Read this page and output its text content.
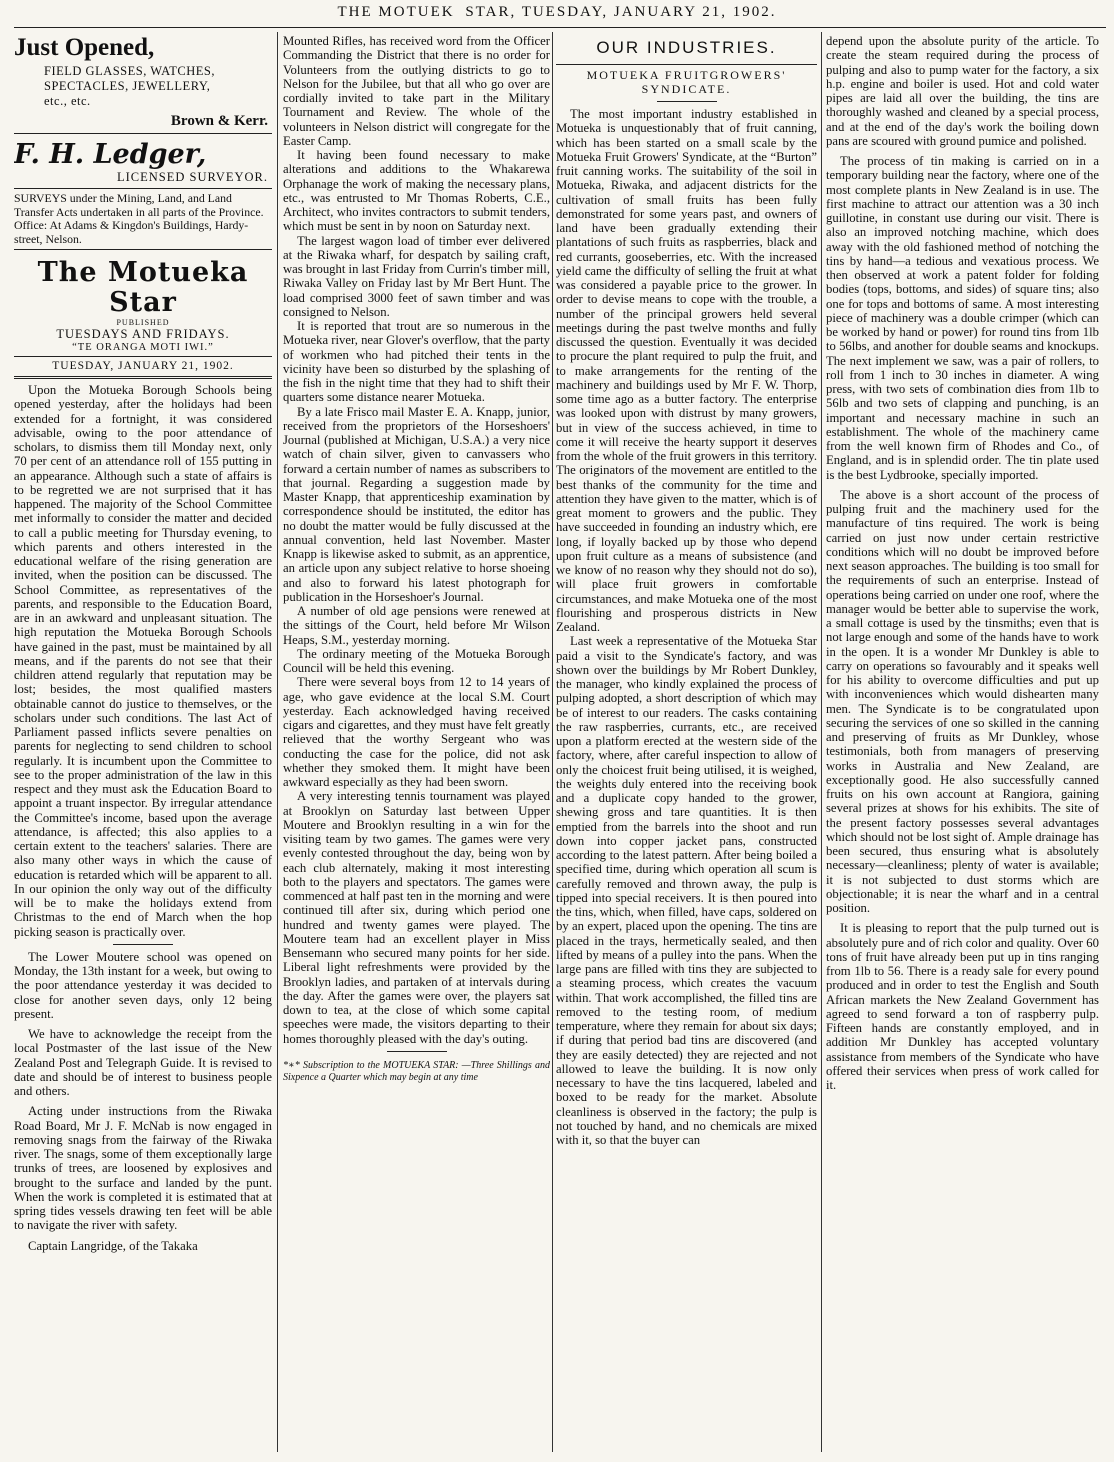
THE MOTUEK  STAR, TUESDAY, JANUARY 21, 1902.
Just Opened,
FIELD GLASSES, WATCHES,
SPECTACLES, JEWELLERY,
etc., etc.
Brown & Kerr.
F. H. Ledger,
LICENSED SURVEYOR.

SURVEYS under the Mining, Land, and Land Transfer Acts undertaken in all parts of the Province.

Office: At Adams & Kingdon's Buildings, Hardy-street, Nelson.

The Motueka Star
PUBLISHED
TUESDAYS AND FRIDAYS.
“TE ORANGA MOTI IWI.”
TUESDAY, JANUARY 21, 1902.

Upon the Motueka Borough Schools being opened yesterday, after the holidays had been extended for a fortnight, it was considered advisable, owing to the poor attendance of scholars, to dismiss them till Monday next, only 70 per cent of an attendance roll of 155 putting in an appearance. Although such a state of affairs is to be regretted we are not surprised that it has happened. The majority of the School Committee met informally to consider the matter and decided to call a public meeting for Thursday evening, to which parents and others interested in the educational welfare of the rising generation are invited, when the position can be discussed. The School Committee, as representatives of the parents, and responsible to the Education Board, are in an awkward and unpleasant situation. The high reputation the Motueka Borough Schools have gained in the past, must be maintained by all means, and if the parents do not see that their children attend regularly that reputation may be lost; besides, the most qualified masters obtainable cannot do justice to themselves, or the scholars under such conditions. The last Act of Parliament passed inflicts severe penalties on parents for neglecting to send children to school regularly. It is incumbent upon the Committee to see to the proper administration of the law in this respect and they must ask the Education Board to appoint a truant inspector. By irregular attendance the Committee's income, based upon the average attendance, is affected; this also applies to a certain extent to the teachers' salaries. There are also many other ways in which the cause of education is retarded which will be apparent to all. In our opinion the only way out of the difficulty will be to make the holidays extend from Christmas to the end of March when the hop picking season is practically over.

The Lower Moutere school was opened on Monday, the 13th instant for a week, but owing to the poor attendance yesterday it was decided to close for another seven days, only 12 being present.

We have to acknowledge the receipt from the local Postmaster of the last issue of the New Zealand Post and Telegraph Guide. It is revised to date and should be of interest to business people and others.

Acting under instructions from the Riwaka Road Board, Mr J. F. McNab is now engaged in removing snags from the fairway of the Riwaka river. The snags, some of them exceptionally large trunks of trees, are loosened by explosives and brought to the surface and landed by the punt. When the work is completed it is estimated that at spring tides vessels drawing ten feet will be able to navigate the river with safety.

Captain Langridge, of the Takaka

Mounted Rifles, has received word from the Officer Commanding the District that there is no order for Volunteers from the outlying districts to go to Nelson for the Jubilee, but that all who go over are cordially invited to take part in the Military Tournament and Review. The whole of the volunteers in Nelson district will congregate for the Easter Camp.

It having been found necessary to make alterations and additions to the Whakarewa Orphanage the work of making the necessary plans, etc., was entrusted to Mr Thomas Roberts, C.E., Architect, who invites contractors to submit tenders, which must be sent in by noon on Saturday next.

The largest wagon load of timber ever delivered at the Riwaka wharf, for despatch by sailing craft, was brought in last Friday from Currin's timber mill, Riwaka Valley on Friday last by Mr Bert Hunt. The load comprised 3000 feet of sawn timber and was consigned to Nelson.

It is reported that trout are so numerous in the Motueka river, near Glover's overflow, that the party of workmen who had pitched their tents in the vicinity have been so disturbed by the splashing of the fish in the night time that they had to shift their quarters some distance nearer Motueka.

By a late Frisco mail Master E. A. Knapp, junior, received from the proprietors of the Horseshoers' Journal (published at Michigan, U.S.A.) a very nice watch of chain silver, given to canvassers who forward a certain number of names as subscribers to that journal. Regarding a suggestion made by Master Knapp, that apprenticeship examination by correspondence should be instituted, the editor has no doubt the matter would be fully discussed at the annual convention, held last November. Master Knapp is likewise asked to submit, as an apprentice, an article upon any subject relative to horse shoeing and also to forward his latest photograph for publication in the Horseshoer's Journal.

A number of old age pensions were renewed at the sittings of the Court, held before Mr Wilson Heaps, S.M., yesterday morning.

The ordinary meeting of the Motueka Borough Council will be held this evening.

There were several boys from 12 to 14 years of age, who gave evidence at the local S.M. Court yesterday. Each acknowledged having received cigars and cigarettes, and they must have felt greatly relieved that the worthy Sergeant who was conducting the case for the police, did not ask whether they smoked them. It might have been awkward especially as they had been sworn.

A very interesting tennis tournament was played at Brooklyn on Saturday last between Upper Moutere and Brooklyn resulting in a win for the visiting team by two games. The games were very evenly contested throughout the day, being won by each club alternately, making it most interesting both to the players and spectators. The games were commenced at half past ten in the morning and were continued till after six, during which period one hundred and twenty games were played. The Moutere team had an excellent player in Miss Bensemann who secured many points for her side. Liberal light refreshments were provided by the Brooklyn ladies, and partaken of at intervals during the day. After the games were over, the players sat down to tea, at the close of which some capital speeches were made, the visitors departing to their homes thoroughly pleased with the day's outing.

*∗* Subscription to the MOTUEKA STAR: —Three Shillings and Sixpence a Quarter which may begin at any time

OUR INDUSTRIES.
MOTUEKA FRUITGROWERS' SYNDICATE.

The most important industry established in Motueka is unquestionably that of fruit canning, which has been started on a small scale by the Motueka Fruit Growers' Syndicate, at the “Burton” fruit canning works. The suitability of the soil in Motueka, Riwaka, and adjacent districts for the cultivation of small fruits has been fully demonstrated for some years past, and owners of land have been gradually extending their plantations of such fruits as raspberries, black and red currants, gooseberries, etc. With the increased yield came the difficulty of selling the fruit at what was considered a payable price to the grower. In order to devise means to cope with the trouble, a number of the principal growers held several meetings during the past twelve months and fully discussed the question. Eventually it was decided to procure the plant required to pulp the fruit, and to make arrangements for the renting of the machinery and buildings used by Mr F. W. Thorp, some time ago as a butter factory. The enterprise was looked upon with distrust by many growers, but in view of the success achieved, in time to come it will receive the hearty support it deserves from the whole of the fruit growers in this territory. The originators of the movement are entitled to the best thanks of the community for the time and attention they have given to the matter, which is of great moment to growers and the public. They have succeeded in founding an industry which, ere long, if loyally backed up by those who depend upon fruit culture as a means of subsistence (and we know of no reason why they should not do so), will place fruit growers in comfortable circumstances, and make Motueka one of the most flourishing and prosperous districts in New Zealand.

Last week a representative of the Motueka Star paid a visit to the Syndicate's factory, and was shown over the buildings by Mr Robert Dunkley, the manager, who kindly explained the process of pulping adopted, a short description of which may be of interest to our readers. The casks containing the raw raspberries, currants, etc., are received upon a platform erected at the western side of the factory, where, after careful inspection to allow of only the choicest fruit being utilised, it is weighed, the weights duly entered into the receiving book and a duplicate copy handed to the grower, shewing gross and tare quantities. It is then emptied from the barrels into the shoot and run down into copper jacket pans, constructed according to the latest pattern. After being boiled a specified time, during which operation all scum is carefully removed and thrown away, the pulp is tipped into special receivers. It is then poured into the tins, which, when filled, have caps, soldered on by an expert, placed upon the opening. The tins are placed in the trays, hermetically sealed, and then lifted by means of a pulley into the pans. When the large pans are filled with tins they are subjected to a steaming process, which creates the vacuum within. That work accomplished, the filled tins are removed to the testing room, of medium temperature, where they remain for about six days; if during that period bad tins are discovered (and they are easily detected) they are rejected and not allowed to leave the building. It is now only necessary to have the tins lacquered, labeled and boxed to be ready for the market. Absolute cleanliness is observed in the factory; the pulp is not touched by hand, and no chemicals are mixed with it, so that the buyer can

depend upon the absolute purity of the article. To create the steam required during the process of pulping and also to pump water for the factory, a six h.p. engine and boiler is used. Hot and cold water pipes are laid all over the building, the tins are thoroughly washed and cleaned by a special process, and at the end of the day's work the boiling down pans are scoured with ground pumice and polished.

The process of tin making is carried on in a temporary building near the factory, where one of the most complete plants in New Zealand is in use. The first machine to attract our attention was a 30 inch guillotine, in constant use during our visit. There is also an improved notching machine, which does away with the old fashioned method of notching the tins by hand—a tedious and vexatious process. We then observed at work a patent folder for folding bodies (tops, bottoms, and sides) of square tins; also one for tops and bottoms of same. A most interesting piece of machinery was a double crimper (which can be worked by hand or power) for round tins from 1lb to 56lbs, and another for double seams and knockups. The next implement we saw, was a pair of rollers, to roll from 1 inch to 30 inches in diameter. A wing press, with two sets of combination dies from 1lb to 56lb and two sets of clapping and punching, is an important and necessary machine in such an establishment. The whole of the machinery came from the well known firm of Rhodes and Co., of England, and is in splendid order. The tin plate used is the best Lydbrooke, specially imported.

The above is a short account of the process of pulping fruit and the machinery used for the manufacture of tins required. The work is being carried on just now under certain restrictive conditions which will no doubt be improved before next season approaches. The building is too small for the requirements of such an enterprise. Instead of operations being carried on under one roof, where the manager would be better able to supervise the work, a small cottage is used by the tinsmiths; even that is not large enough and some of the hands have to work in the open. It is a wonder Mr Dunkley is able to carry on operations so favourably and it speaks well for his ability to overcome difficulties and put up with inconveniences which would dishearten many men. The Syndicate is to be congratulated upon securing the services of one so skilled in the canning and preserving of fruits as Mr Dunkley, whose testimonials, both from managers of preserving works in Australia and New Zealand, are exceptionally good. He also successfully canned fruits on his own account at Rangiora, gaining several prizes at shows for his exhibits. The site of the present factory possesses several advantages which should not be lost sight of. Ample drainage has been secured, thus ensuring what is absolutely necessary—cleanliness; plenty of water is available; it is not subjected to dust storms which are objectionable; it is near the wharf and in a central position.

It is pleasing to report that the pulp turned out is absolutely pure and of rich color and quality. Over 60 tons of fruit have already been put up in tins ranging from 1lb to 56. There is a ready sale for every pound produced and in order to test the English and South African markets the New Zealand Government has agreed to send forward a ton of raspberry pulp. Fifteen hands are constantly employed, and in addition Mr Dunkley has accepted voluntary assistance from members of the Syndicate who have offered their services when press of work called for it.
